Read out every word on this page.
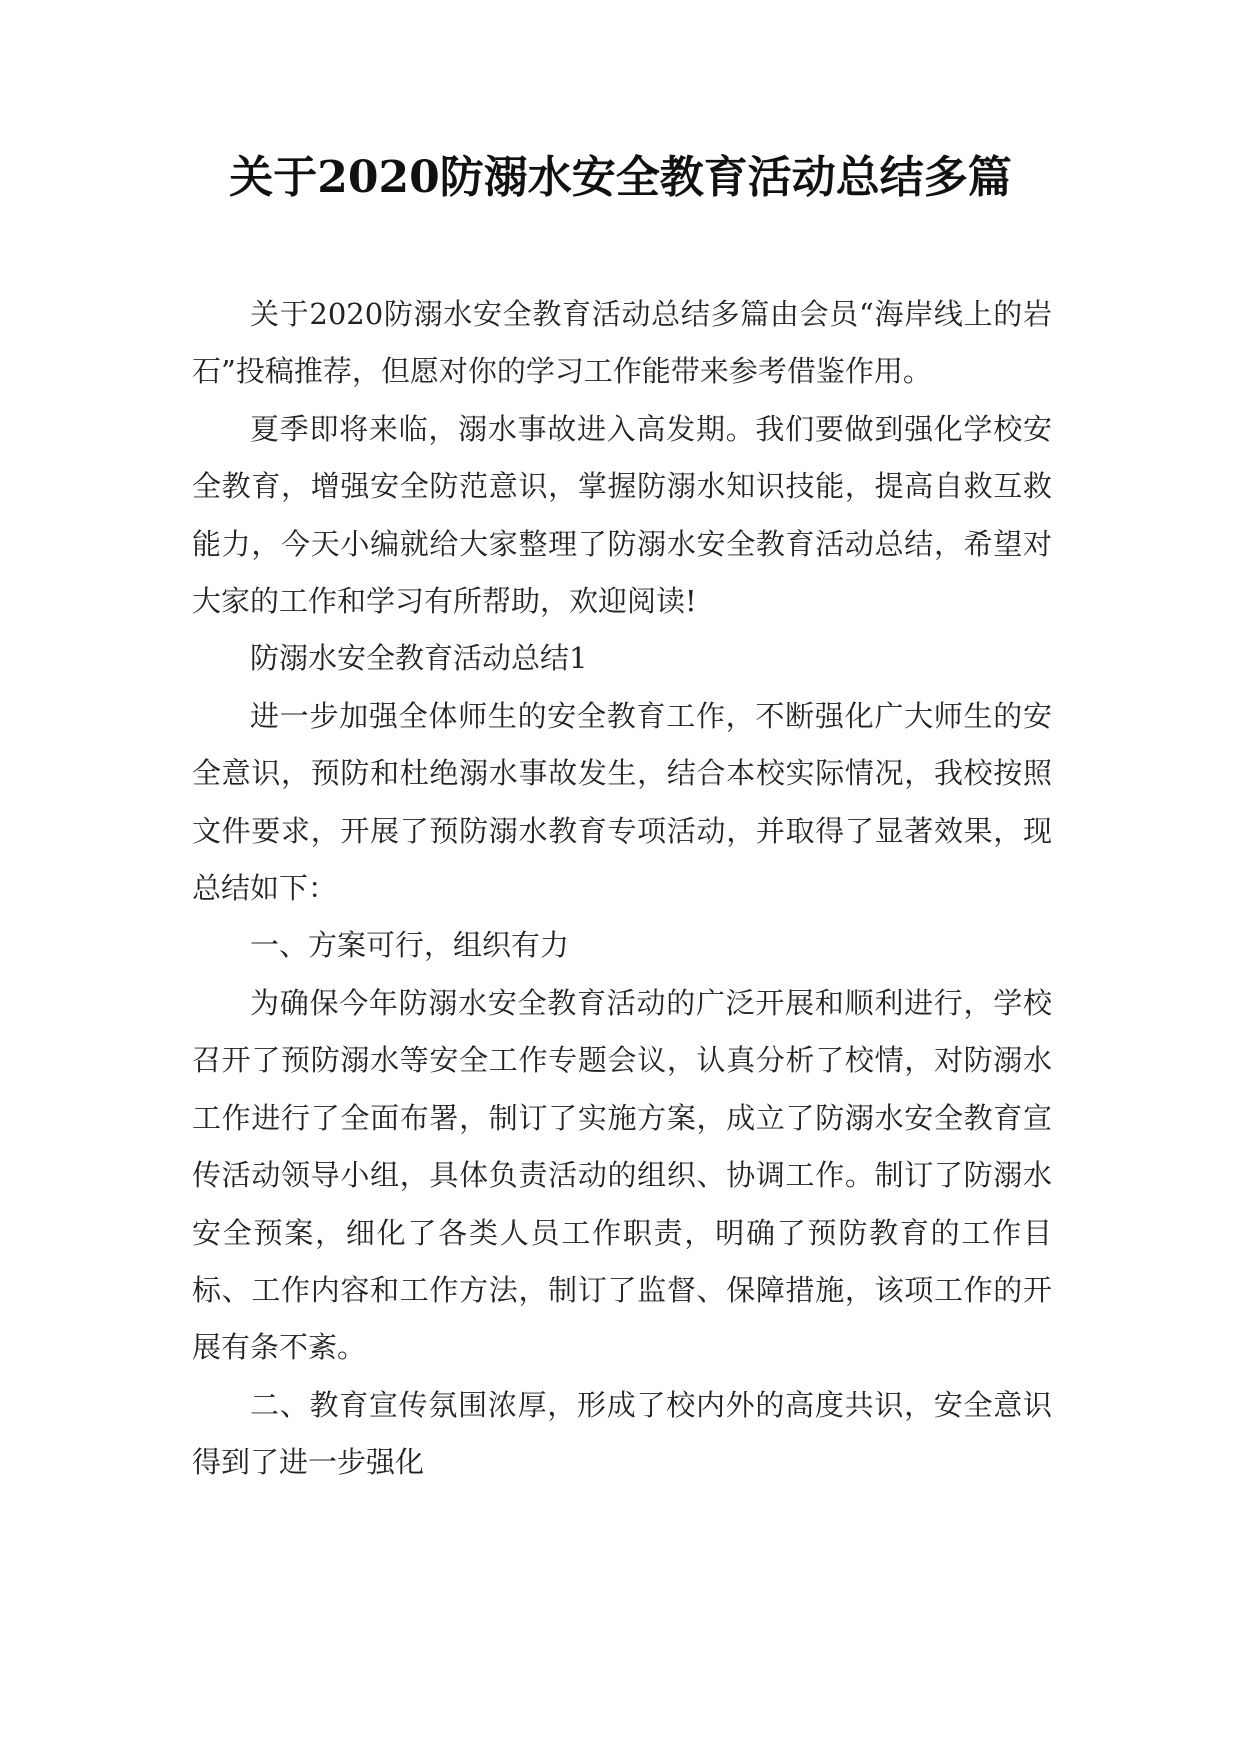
关于2020防溺水安全教育活动总结多篇

关于2020防溺水安全教育活动总结多篇由会员“海岸线上的岩石”投稿推荐，但愿对你的学习工作能带来参考借鉴作用。

夏季即将来临，溺水事故进入高发期。我们要做到强化学校安全教育，增强安全防范意识，掌握防溺水知识技能，提高自救互救能力，今天小编就给大家整理了防溺水安全教育活动总结，希望对大家的工作和学习有所帮助，欢迎阅读!

防溺水安全教育活动总结1

进一步加强全体师生的安全教育工作，不断强化广大师生的安全意识，预防和杜绝溺水事故发生，结合本校实际情况，我校按照文件要求，开展了预防溺水教育专项活动，并取得了显著效果，现总结如下：

一、方案可行，组织有力

为确保今年防溺水安全教育活动的广泛开展和顺利进行，学校召开了预防溺水等安全工作专题会议，认真分析了校情，对防溺水工作进行了全面布署，制订了实施方案，成立了防溺水安全教育宣传活动领导小组，具体负责活动的组织、协调工作。制订了防溺水安全预案，细化了各类人员工作职责，明确了预防教育的工作目标、工作内容和工作方法，制订了监督、保障措施，该项工作的开展有条不紊。

二、教育宣传氛围浓厚，形成了校内外的高度共识，安全意识得到了进一步强化
